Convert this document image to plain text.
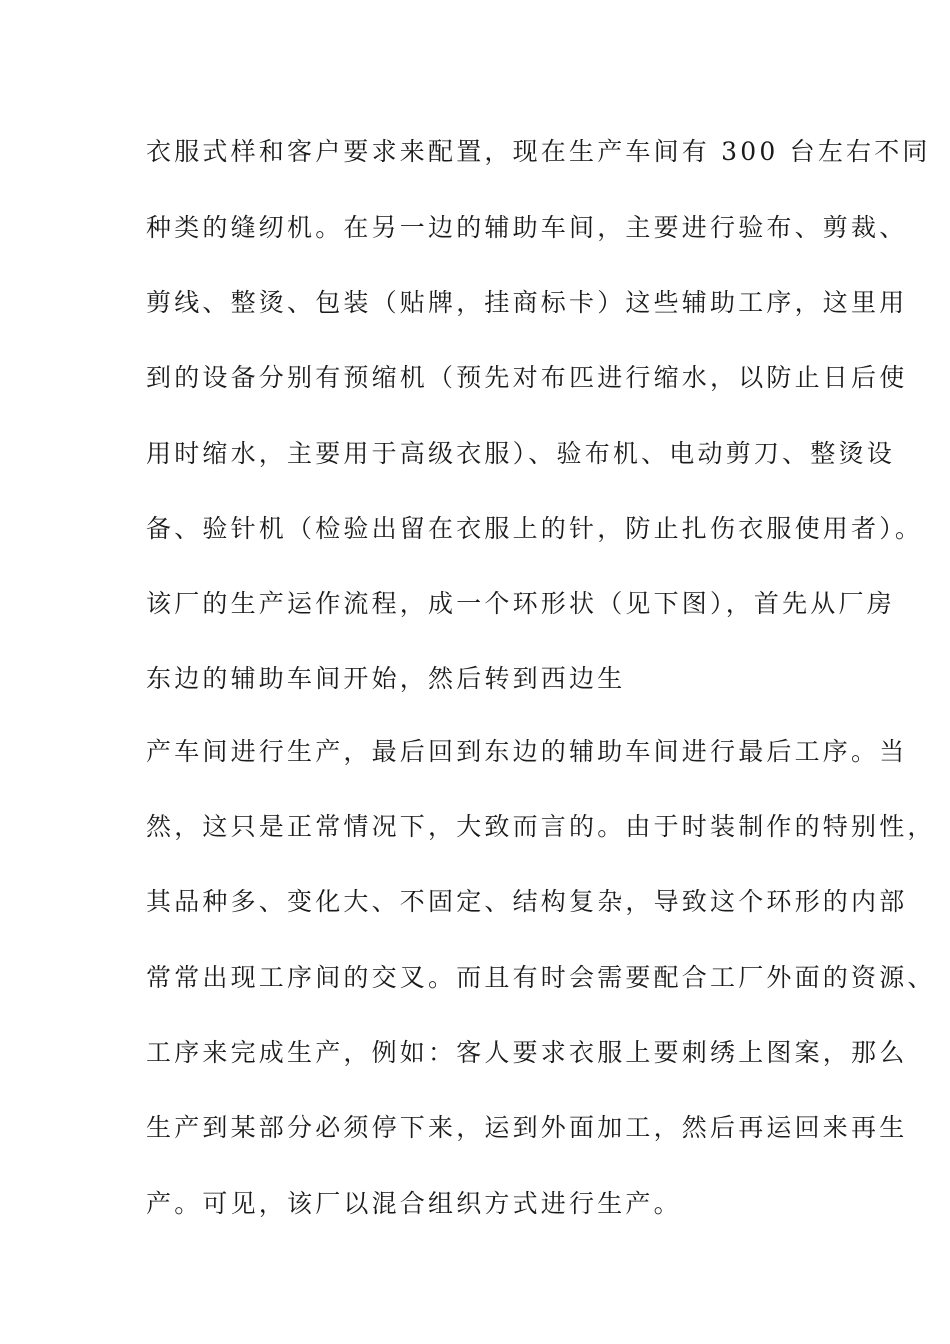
衣服式样和客户要求来配置，现在生产车间有 300 台左右不同
种类的缝纫机。在另一边的辅助车间，主要进行验布、剪裁、
剪线、整烫、包装（贴牌，挂商标卡）这些辅助工序，这里用
到的设备分别有预缩机（预先对布匹进行缩水，以防止日后使
用时缩水，主要用于高级衣服）、验布机、电动剪刀、整烫设
备、验针机（检验出留在衣服上的针，防止扎伤衣服使用者）。
该厂的生产运作流程，成一个环形状（见下图），首先从厂房
东边的辅助车间开始，然后转到西边生
产车间进行生产，最后回到东边的辅助车间进行最后工序。当
然，这只是正常情况下，大致而言的。由于时装制作的特别性，
其品种多、变化大、不固定、结构复杂，导致这个环形的内部
常常出现工序间的交叉。而且有时会需要配合工厂外面的资源、
工序来完成生产，例如：客人要求衣服上要刺绣上图案，那么
生产到某部分必须停下来，运到外面加工，然后再运回来再生
产。可见，该厂以混合组织方式进行生产。
